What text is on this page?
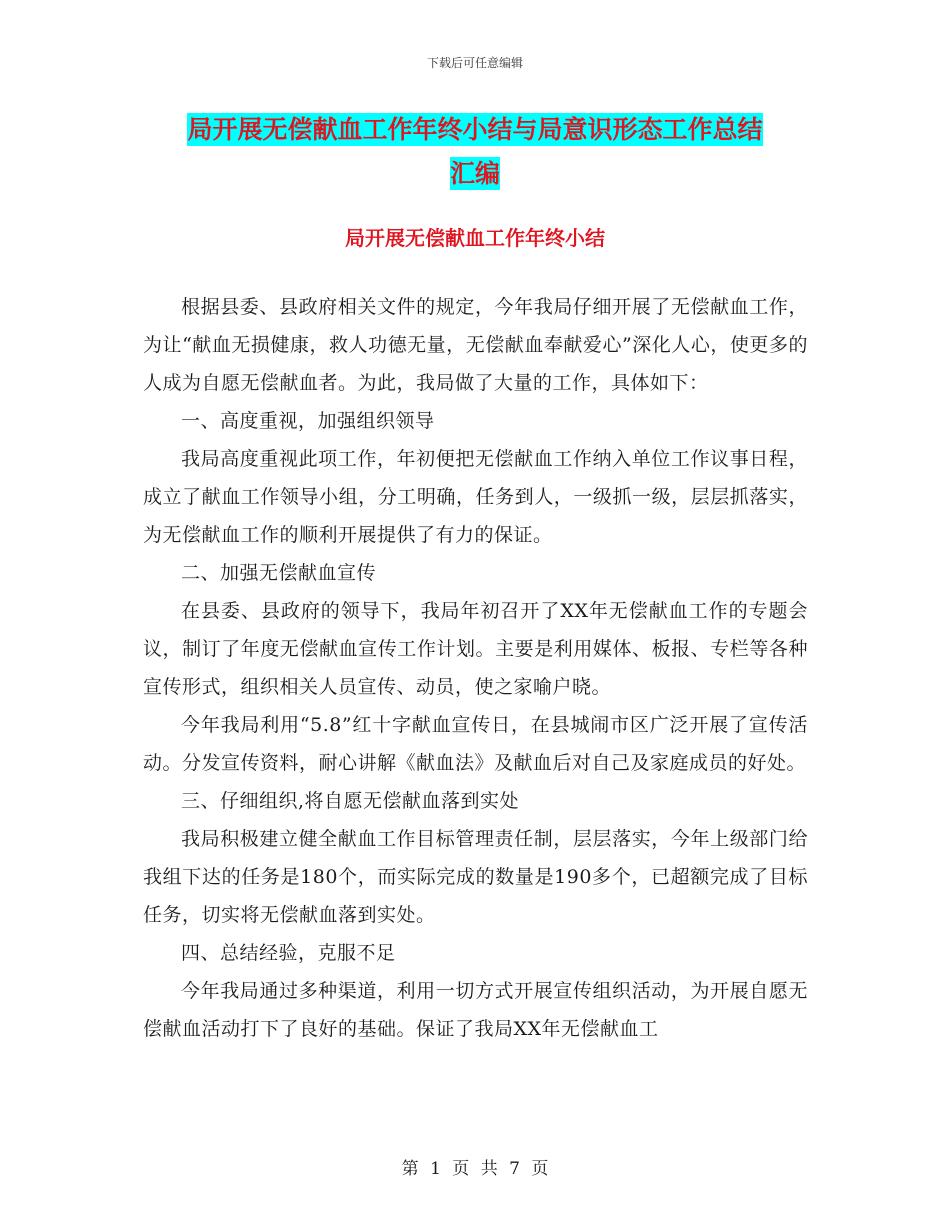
下载后可任意编辑
局开展无偿献血工作年终小结与局意识形态工作总结
汇编
局开展无偿献血工作年终小结

根据县委、县政府相关文件的规定，今年我局仔细开展了无偿献血工作，为让“献血无损健康，救人功德无量，无偿献血奉献爱心”深化人心，使更多的人成为自愿无偿献血者。为此，我局做了大量的工作，具体如下：

一、高度重视，加强组织领导

我局高度重视此项工作，年初便把无偿献血工作纳入单位工作议事日程，成立了献血工作领导小组，分工明确，任务到人，一级抓一级，层层抓落实，为无偿献血工作的顺利开展提供了有力的保证。

二、加强无偿献血宣传

在县委、县政府的领导下，我局年初召开了XX年无偿献血工作的专题会议，制订了年度无偿献血宣传工作计划。主要是利用媒体、板报、专栏等各种宣传形式，组织相关人员宣传、动员，使之家喻户晓。

今年我局利用“5.8”红十字献血宣传日，在县城闹市区广泛开展了宣传活动。分发宣传资料，耐心讲解《献血法》及献血后对自己及家庭成员的好处。

三、仔细组织,将自愿无偿献血落到实处

我局积极建立健全献血工作目标管理责任制，层层落实，今年上级部门给我组下达的任务是180个，而实际完成的数量是190多个，已超额完成了目标任务，切实将无偿献血落到实处。

四、总结经验，克服不足

今年我局通过多种渠道，利用一切方式开展宣传组织活动，为开展自愿无偿献血活动打下了良好的基础。保证了我局XX年无偿献血工

第 1 页 共 7 页
